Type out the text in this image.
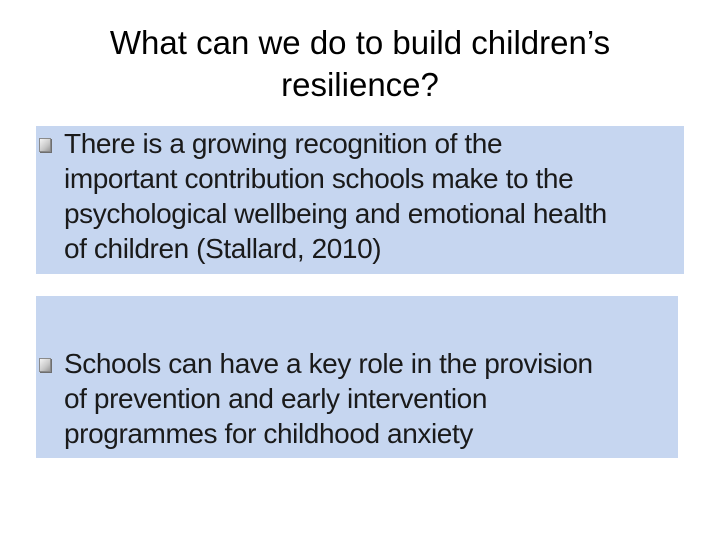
What can we do to build children’s resilience?
There is a growing recognition of the
important contribution schools make to the
psychological wellbeing and emotional health
of children (Stallard, 2010)
Schools can have a key role in the provision
of prevention and early intervention
programmes for childhood anxiety
